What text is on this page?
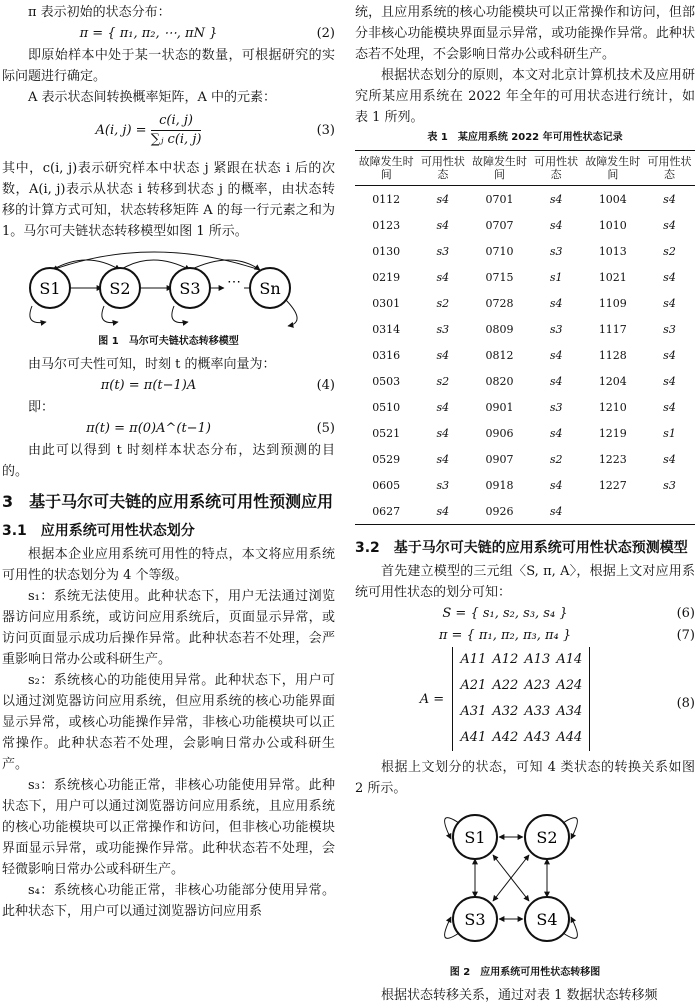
π 表示初始的状态分布：

π = { π₁, π₂, ⋯, πN }	(2)

即原始样本中处于某一状态的数量，可根据研究的实际问题进行确定。

A 表示状态间转换概率矩阵，A 中的元素：

A(i, $j) = \frac{c(i, j)}{\text{∑ⱼ c(i, j)}}$	(3)

其中，c(i, j)表示研究样本中状态 j 紧跟在状态 i 后的次数，A(i, j)表示从状态 i 转移到状态 j 的概率，由状态转移的计算方式可知，状态转移矩阵 A 的每一行元素之和为 1。马尔可夫链状态转移模型如图 1 所示。

S1	S2	S3	Sn
⋯
图 1　马尔可夫链状态转移模型

由马尔可夫性可知，时刻 t 的概率向量为：

π(t) = π(t−1)A	(4)

即：

π(t) = π(0)A^(t−1)	(5)

由此可以得到 t 时刻样本状态分布，达到预测的目的。

3　基于马尔可夫链的应用系统可用性预测应用
3.1　应用系统可用性状态划分

根据本企业应用系统可用性的特点，本文将应用系统可用性的状态划分为 4 个等级。

s₁：系统无法使用。此种状态下，用户无法通过浏览器访问应用系统，或访问应用系统后，页面显示异常，或访问页面显示成功后操作异常。此种状态若不处理，会严重影响日常办公或科研生产。

s₂：系统核心的功能使用异常。此种状态下，用户可以通过浏览器访问应用系统，但应用系统的核心功能界面显示异常，或核心功能操作异常，非核心功能模块可以正常操作。此种状态若不处理，会影响日常办公或科研生产。

s₃：系统核心功能正常，非核心功能使用异常。此种状态下，用户可以通过浏览器访问应用系统，且应用系统的核心功能模块可以正常操作和访问，但非核心功能模块界面显示异常，或功能操作异常。此种状态若不处理，会轻微影响日常办公或科研生产。

s₄：系统核心功能正常，非核心功能部分使用异常。此种状态下，用户可以通过浏览器访问应用系

统，且应用系统的核心功能模块可以正常操作和访问，但部分非核心功能模块界面显示异常，或功能操作异常。此种状态若不处理，不会影响日常办公或科研生产。

根据状态划分的原则，本文对北京计算机技术及应用研究所某应用系统在 2022 年全年的可用状态进行统计，如表 1 所列。

表 1　某应用系统 2022 年可用性状态记录
故障发生时间	可用性状态	故障发生时间	可用性状态	故障发生时间	可用性状态
0112	s4	0701	s4	1004	s4
0123	s4	0707	s4	1010	s4
0130	s3	0710	s3	1013	s2
0219	s4	0715	s1	1021	s4
0301	s2	0728	s4	1109	s4
0314	s3	0809	s3	1117	s3
0316	s4	0812	s4	1128	s4
0503	s2	0820	s4	1204	s4
0510	s4	0901	s3	1210	s4
0521	s4	0906	s4	1219	s1
0529	s4	0907	s2	1223	s4
0605	s3	0918	s4	1227	s3
0627	s4	0926	s4		
3.2　基于马尔可夫链的应用系统可用性状态预测模型

首先建立模型的三元组〈S, π, A〉，根据上文对应用系统可用性状态的划分可知：

S = { s₁, s₂, s₃, s₄ }	(6)
π = { π₁, π₂, π₃, π₄ }	(7)
A =
A11 A12 A13 A14
A21 A22 A23 A24
A31 A32 A33 A34
A41 A42 A43 A44
(8)

根据上文划分的状态，可知 4 类状态的转换关系如图 2 所示。

S1	S2
S3	S4
图 2　应用系统可用性状态转移图

根据状态转移关系，通过对表 1 数据状态转移频
